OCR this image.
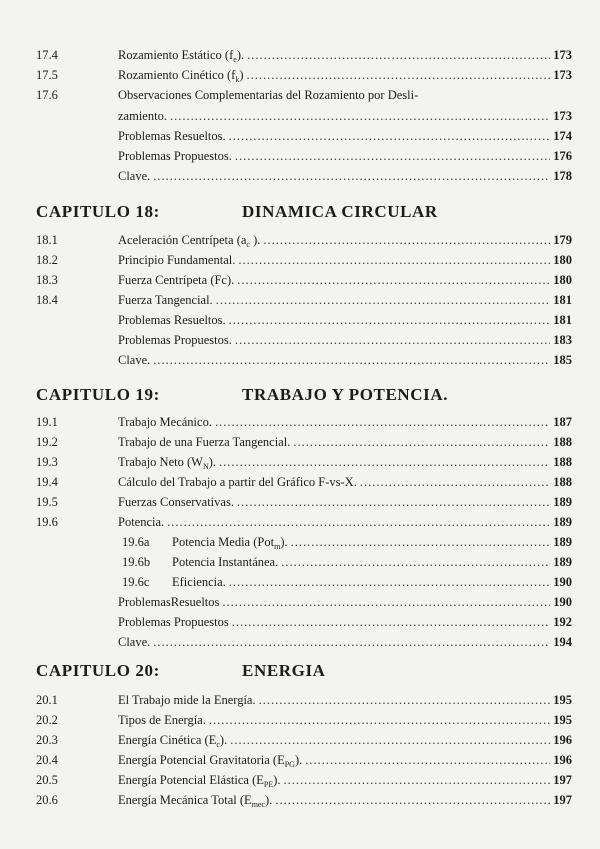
17.4	Rozamiento Estático $(f_e)$. .....	173
17.5	Rozamiento Cinético $(f_k)$ .....	173
17.6	Observaciones Complementarias del Rozamiento por Desli-
zamiento. .....	173
Problemas Resueltos. .....	174
Problemas Propuestos. .....	176
Clave. .....	178
CAPITULO 18:	DINAMICA CIRCULAR
18.1	Aceleración Centrípeta (→ $a_c$ ). .....	179
18.2	Principio Fundamental. .....	180
18.3	Fuerza Centrípeta (Fc). .....	180
18.4	Fuerza Tangencial. .....	181
Problemas Resueltos. .....	181
Problemas Propuestos. .....	183
Clave. .....	185
CAPITULO 19:	TRABAJO Y POTENCIA.
19.1	Trabajo Mecánico. .....	187
19.2	Trabajo de una Fuerza Tangencial. .....	188
19.3	Trabajo Neto $(W_N)$. .....	188
19.4	Cálculo del Trabajo a partir del Gráfico F-vs-X. .....	188
19.5	Fuerzas Conservativas. .....	189
19.6	Potencia. .....	189
19.6a Potencia Media (Pot$_m$). .....	189
19.6b Potencia Instantánea. .....	189
19.6c Eficiencia. .....	190
ProblemasResueltos .....	190
Problemas Propuestos .....	192
Clave. .....	194
CAPITULO 20:	ENERGIA
20.1	El Trabajo mide la Energía. .....	195
20.2	Tipos de Energía. .....	195
20.3	Energía Cinética $(E_c)$. .....	196
20.4	Energía Potencial Gravitatoria $(E_{PG})$. .....	196
20.5	Energía Potencial Elástica $(E_{PE})$. .....	197
20.6	Energía Mecánica Total $(E_{mec})$. .....	197
